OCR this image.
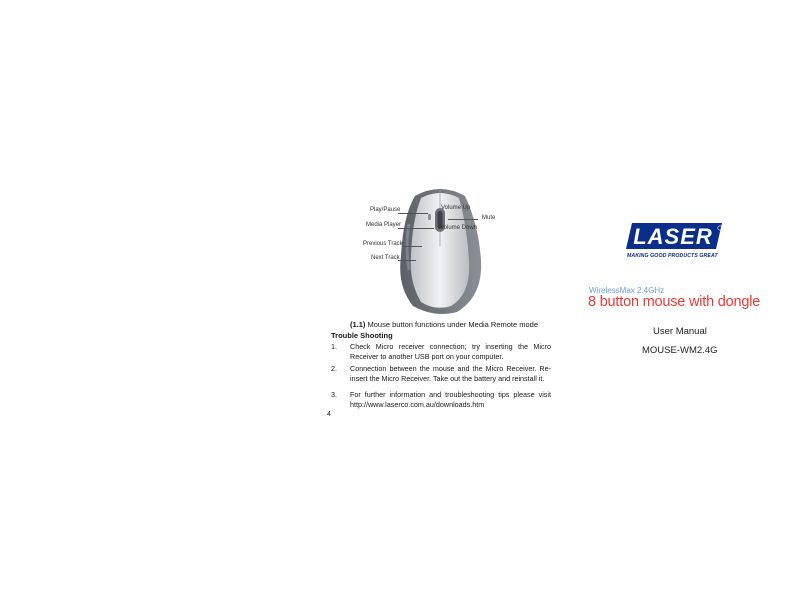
Play/Pause
Media Player
Previous Track
Next Track
Volume Up
Volume Down
Mute
(1.1) Mouse button functions under Media Remote mode
Trouble Shooting
1. Check Micro receiver connection; try inserting the Micro Receiver to another USB port on your computer.
2. Connection between the mouse and the Micro Receiver. Re-insert the Micro Receiver. Take out the battery and reinstall it.
3. For further information and troubleshooting tips please visit http://www.laserco.com.au/downloads.htm
4
LASER
MAKING GOOD PRODUCTS GREAT
WirelessMax 2.4GHz
8 button mouse with dongle
User Manual
MOUSE-WM2.4G
